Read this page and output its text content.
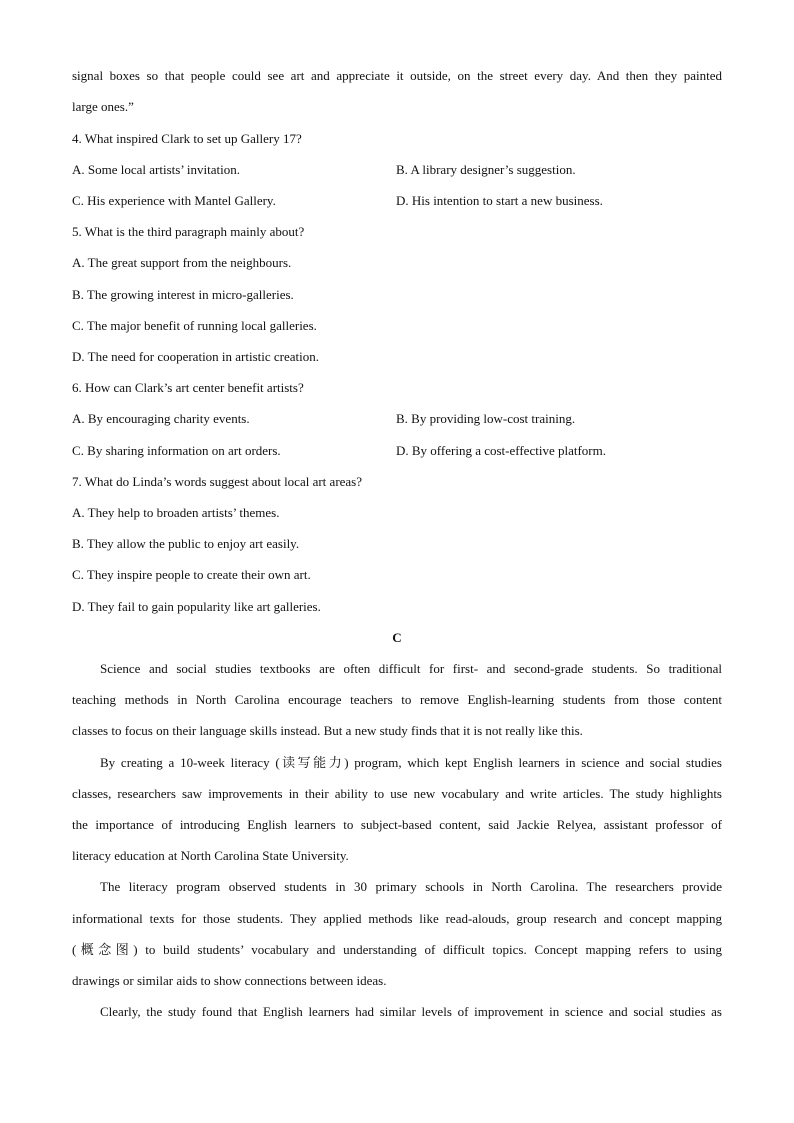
signal boxes so that people could see art and appreciate it outside, on the street every day. And then they painted
large ones.”
4. What inspired Clark to set up Gallery 17?
A. Some local artists’ invitation.	B. A library designer’s suggestion.
C. His experience with Mantel Gallery.	D. His intention to start a new business.
5. What is the third paragraph mainly about?
A. The great support from the neighbours.
B. The growing interest in micro-galleries.
C. The major benefit of running local galleries.
D. The need for cooperation in artistic creation.
6. How can Clark’s art center benefit artists?
A. By encouraging charity events.	B. By providing low-cost training.
C. By sharing information on art orders.	D. By offering a cost-effective platform.
7. What do Linda’s words suggest about local art areas?
A. They help to broaden artists’ themes.
B. They allow the public to enjoy art easily.
C. They inspire people to create their own art.
D. They fail to gain popularity like art galleries.
C
Science and social studies textbooks are often difficult for first- and second-grade students. So traditional
teaching methods in North Carolina encourage teachers to remove English-learning students from those content
classes to focus on their language skills instead. But a new study finds that it is not really like this.
By creating a 10-week literacy (读写能力) program, which kept English learners in science and social studies
classes, researchers saw improvements in their ability to use new vocabulary and write articles. The study highlights
the importance of introducing English learners to subject-based content, said Jackie Relyea, assistant professor of
literacy education at North Carolina State University.
The literacy program observed students in 30 primary schools in North Carolina. The researchers provide
informational texts for those students. They applied methods like read-alouds, group research and concept mapping
(概念图) to build students’ vocabulary and understanding of difficult topics. Concept mapping refers to using
drawings or similar aids to show connections between ideas.
Clearly, the study found that English learners had similar levels of improvement in science and social studies as
